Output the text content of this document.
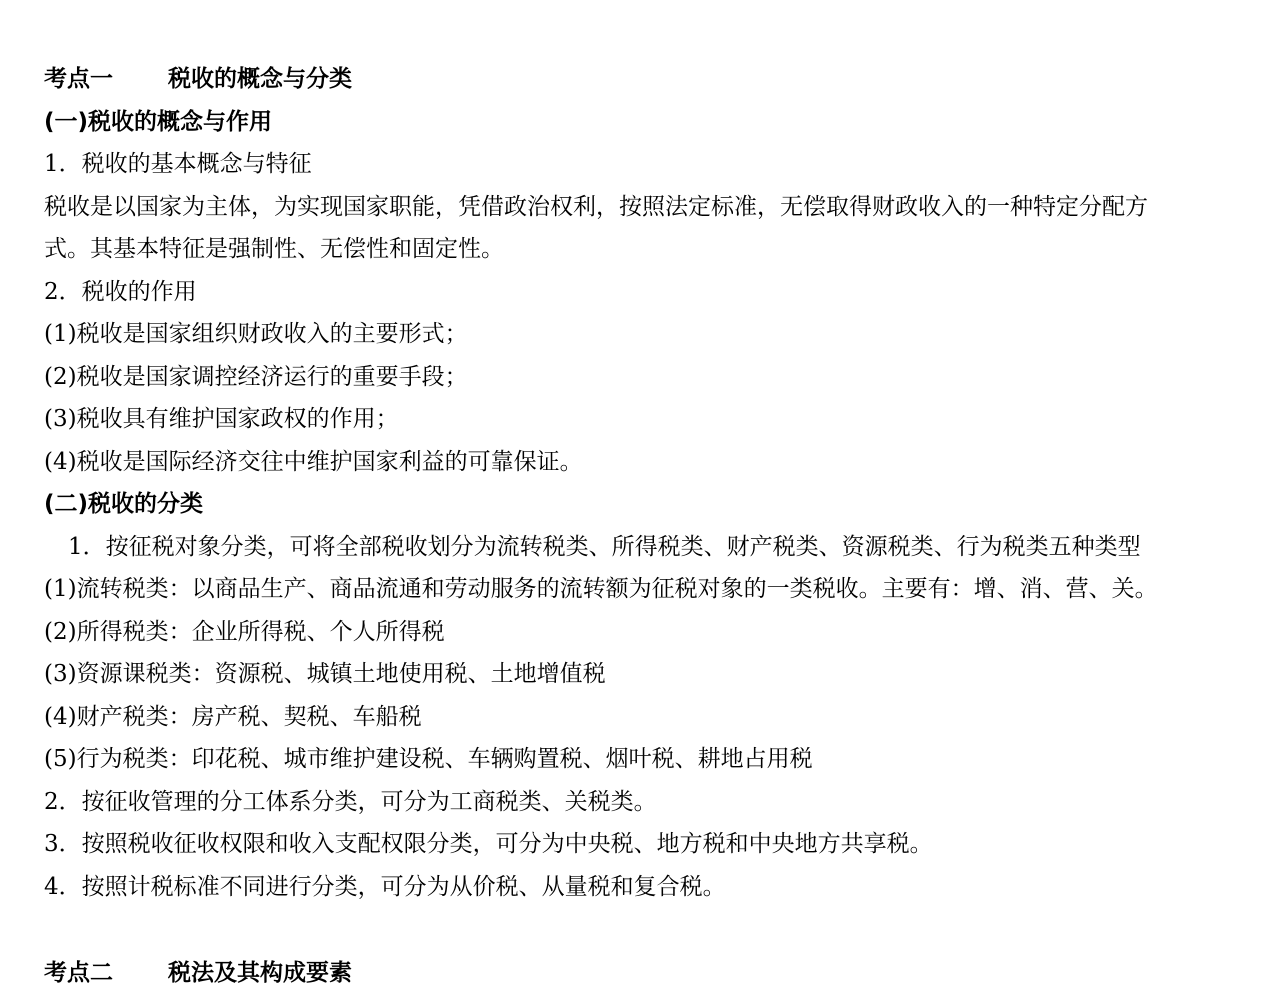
考点一 税收的概念与分类
(一)税收的概念与作用
1．税收的基本概念与特征
税收是以国家为主体，为实现国家职能，凭借政治权利，按照法定标准，无偿取得财政收入的一种特定分配方
式。其基本特征是强制性、无偿性和固定性。
2．税收的作用
(1)税收是国家组织财政收入的主要形式；
(2)税收是国家调控经济运行的重要手段；
(3)税收具有维护国家政权的作用；
(4)税收是国际经济交往中维护国家利益的可靠保证。
(二)税收的分类
1．按征税对象分类，可将全部税收划分为流转税类、所得税类、财产税类、资源税类、行为税类五种类型
(1)流转税类：以商品生产、商品流通和劳动服务的流转额为征税对象的一类税收。主要有：增、消、营、关。
(2)所得税类：企业所得税、个人所得税
(3)资源课税类：资源税、城镇土地使用税、土地增值税
(4)财产税类：房产税、契税、车船税
(5)行为税类：印花税、城市维护建设税、车辆购置税、烟叶税、耕地占用税
2．按征收管理的分工体系分类，可分为工商税类、关税类。
3．按照税收征收权限和收入支配权限分类，可分为中央税、地方税和中央地方共享税。
4．按照计税标准不同进行分类，可分为从价税、从量税和复合税。
考点二 税法及其构成要素
